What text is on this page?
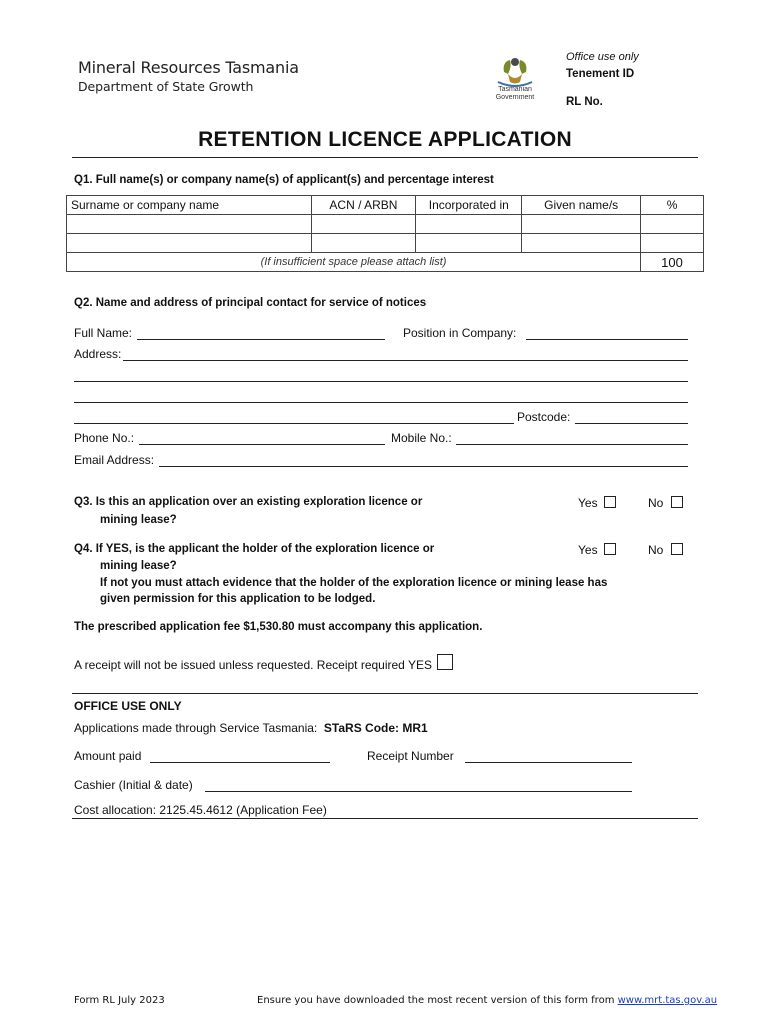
Mineral Resources Tasmania
Department of State Growth	Tasmanian
Government
Office use only
Tenement ID
RL No.
RETENTION LICENCE APPLICATION
Q1. Full name(s) or company name(s) of applicant(s) and percentage interest
Surname or company name	ACN / ARBN	Incorporated in	Given name/s	%

(If insufficient space please attach list)				100
Q2. Name and address of principal contact for service of notices
Full Name:	Position in Company:
Address:
Postcode:
Phone No.:	Mobile No.:
Email Address:
Q3. Is this an application over an existing exploration licence or
mining lease?
Yes	No
Q4. If YES, is the applicant the holder of the exploration licence or
mining lease?
If not you must attach evidence that the holder of the exploration licence or mining lease has
given permission for this application to be lodged.
Yes	No
The prescribed application fee $1,530.80 must accompany this application.
A receipt will not be issued unless requested. Receipt required YES
OFFICE USE ONLY
Applications made through Service Tasmania: STaRS Code: MR1
Amount paid	Receipt Number
Cashier (Initial & date)
Cost allocation: 2125.45.4612 (Application Fee)
Form RL July 2023	Ensure you have downloaded the most recent version of this form from www.mrt.tas.gov.au
